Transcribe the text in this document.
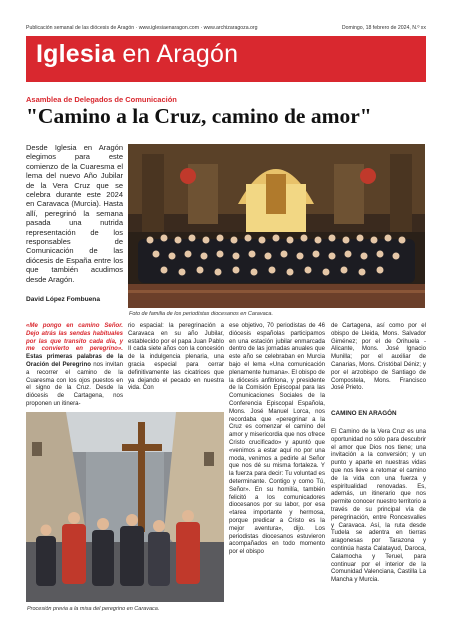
Publicación semanal de las diócesis de Aragón · www.iglesiaenaragon.com · www.archizaragoza.org	Domingo, 18 febrero de 2024, N.º xx
Iglesia en Aragón
Asamblea de Delegados de Comunicación
"Camino a la Cruz, camino de amor"
Desde Iglesia en Aragón elegimos para este comienzo de la Cuaresma el lema del nuevo Año Jubilar de la Vera Cruz que se celebra durante este 2024 en Caravaca (Murcia). Hasta allí, peregrinó la semana pasada una nutrida representación de los responsables de Comunicación de las diócesis de España entre los que también acudimos desde Aragón.
David López Fombuena
Foto de familia de los periodistas diocesanos en Caravaca.
«Me pongo en camino Señor. Dejo atrás las sendas habituales por las que transito cada día, y me convierto en peregrino». Estas primeras palabras de la Oración del Peregrino nos invitan a recorrer el camino de la Cuaresma con los ojos puestos en el signo de la Cruz. Desde la diócesis de Cartagena, nos proponen un itinera-
rio espacial: la peregrinación a Caravaca en su año Jubilar, establecido por el papa Juan Pablo II cada siete años con la concesión de la indulgencia plenaria, una gracia especial para cerrar definitivamente las cicatrices que ya dejando el pecado en nuestra vida. Con
ese objetivo, 70 periodistas de 46 diócesis españolas participamos en una estación jubilar enmarcada dentro de las jornadas anuales que este año se celebraban en Murcia bajo el lema «Una comunicación plenamente humana». El obispo de la diócesis anfitriona, y presidente de la Comisión Episcopal para las Comunicaciones Sociales de la Conferencia Episcopal Española, Mons. José Manuel Lorca, nos recordaba que «peregrinar a la Cruz es comenzar el camino del amor y misericordia que nos ofrece Cristo crucificado» y apuntó que «venimos a estar aquí no por una moda, venimos a pedirle al Señor que nos dé su misma fortaleza. Y la fuerza para decir: Tu voluntad es determinante. Contigo y como Tú, Señor». En su homilía, también felicitó a los comunicadores diocesanos por su labor, por esa «tarea importante y hermosa, porque predicar a Cristo es la mejor aventura», dijo. Los periodistas diocesanos estuvieron acompañados en todo momento por el obispo
de Cartagena, así como por el obispo de Lleida, Mons. Salvador Giménez; por el de Orihuela - Alicante, Mons. José Ignacio Munilla; por el auxiliar de Canarias, Mons. Cristóbal Déniz; y por el arzobispo de Santiago de Compostela, Mons. Francisco José Prieto.
CAMINO EN ARAGÓN
El Camino de la Vera Cruz es una oportunidad no sólo para descubrir el amor que Dios nos tiene; una invitación a la conversión; y un punto y aparte en nuestras vidas que nos lleve a retomar el camino de la vida con una fuerza y espiritualidad renovadas. Es, además, un itinerario que nos permite conocer nuestro territorio a través de su principal vía de peregrinación, entre Roncesvalles y Caravaca. Así, la ruta desde Tudela se adentra en tierras aragonesas por Tarazona y continúa hasta Calatayud, Daroca, Calamocha y Teruel, para continuar por el interior de la Comunidad Valenciana, Castilla La Mancha y Murcia.
Procesión previa a la misa del peregrino en Caravaca.
